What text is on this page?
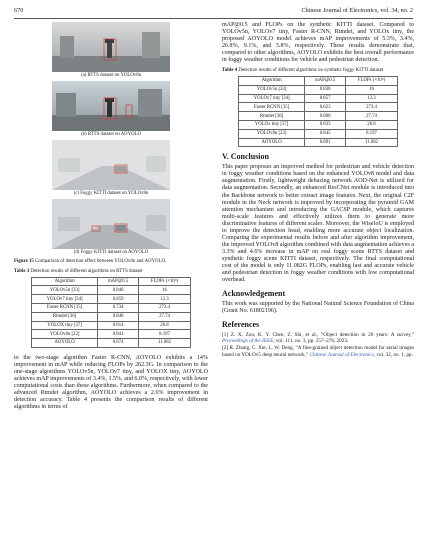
670	Chinese Journal of Electronics, vol. 34, no. 2
(a) RTTS dataset on YOLOv8n
(b) RTTS dataset on AOYOLO
(c) Foggy KITTI dataset on YOLOv8n
(d) Foggy KITTI dataset on AOYOLO
Figure 15 Comparison of detection effect between YOLOv8n and AOYOLO.
Table 3 Detection results of different algorithms on RTTS dataset
Algorithm	mAP@0.5	FLOPs (×10⁹)
YOLOv5n [33]	0.840	16
YOLOv7 tiny [34]	0.859	12.3
Faster RCNN [35]	0.734	273.4
Rtmdet [36]	0.848	27.74
YOLOX tiny [37]	0.814	26.8
YOLOv8n [22]	0.841	8.197
AOYOLO	0.874	11.082

to the two-stage algorithm Faster R-CNN, AOYOLO exhibits a 14% improvement in mAP while reducing FLOPs by 262.3G. In comparison to the one-stage algorithms YOLOv5n, YOLOv7 tiny, and YOLOX tiny, AOYOLO achieves mAP improvements of 3.4%, 1.5%, and 6.0%, respectively, with lower computational costs than these algorithms. Furthermore, when compared to the advanced Rtmdet algorithm, AOYOLO achieves a 2.6% improvement in detection accuracy. Table 4 presents the comparison results of different algorithms in terms of

mAP@0.5 and FLOPs on the synthetic KITTI dataset. Compared to YOLOv5n, YOLOv7 tiny, Faster R-CNN, Rtmdet, and YOLOx tiny, the proposed AOYOLO model achieves mAP improvements of 5.3%, 3.4%, 26.8%, 9.1%, and 5.8%, respectively. These results demonstrate that, compared to other algorithms, AOYOLO exhibits the best overall performance in foggy weather conditions for vehicle and pedestrian detection.

Table 4 Detection results of different algorithms on synthetic foggy KITTI dataset
Algorithm	mAP@0.5	FLOPs (×10⁹)
YOLOv5n [33]	0.838	16
YOLOv7 tiny [34]	0.857	12.3
Faster RCNN [35]	0.623	273.4
Rtmdet [36]	0.800	27.74
YOLOx tiny [37]	0.833	26.8
YOLOv8n [22]	0.845	8.197
AOYOLO	0.891	11.082
V. Conclusion

This paper proposes an improved method for pedestrian and vehicle detection in foggy weather conditions based on the enhanced YOLOv8 model and data augmentation. Firstly, lightweight dehazing network AOD-Net is utilized for data augmentation. Secondly, an enhanced ResCNet module is introduced into the Backbone network to better extract image features. Next, the original C2F module in the Neck network is improved by incorporating the pyramid GAM attention mechanism and introducing the GACSP module, which captures multi-scale features and effectively utilizes them to generate more discriminative features of different scales. Moreover, the WiseIoU is employed to improve the detection head, enabling more accurate object localization. Comparing the experimental results before and after algorithm improvement, the improved YOLOv8 algorithm combined with data augmentation achieves a 3.3% and 4.6% increase in mAP on real foggy scene RTTS dataset and synthetic foggy scene KITTI dataset, respectively. The final computational cost of the model is only 11.082G FLOPs, enabling fast and accurate vehicle and pedestrian detection in foggy weather conditions with low computational overhead.

Acknowledgement

This work was supported by the National Natural Science Foundation of China (Grant No. 61802196).

References
[1] Z. X. Zou, K. Y. Chen, Z. Shi, et al., “Object detection in 20 years: A survey,” Proceedings of the IEEE, vol. 111, no. 3, pp. 257–276, 2023.
[2] R. Zhang, C. Xie, L. W. Deng, “A fine-grained object detection model for aerial images based on YOLOv5 deep neural network,” Chinese Journal of Electronics, vol. 32, no. 1, pp.
